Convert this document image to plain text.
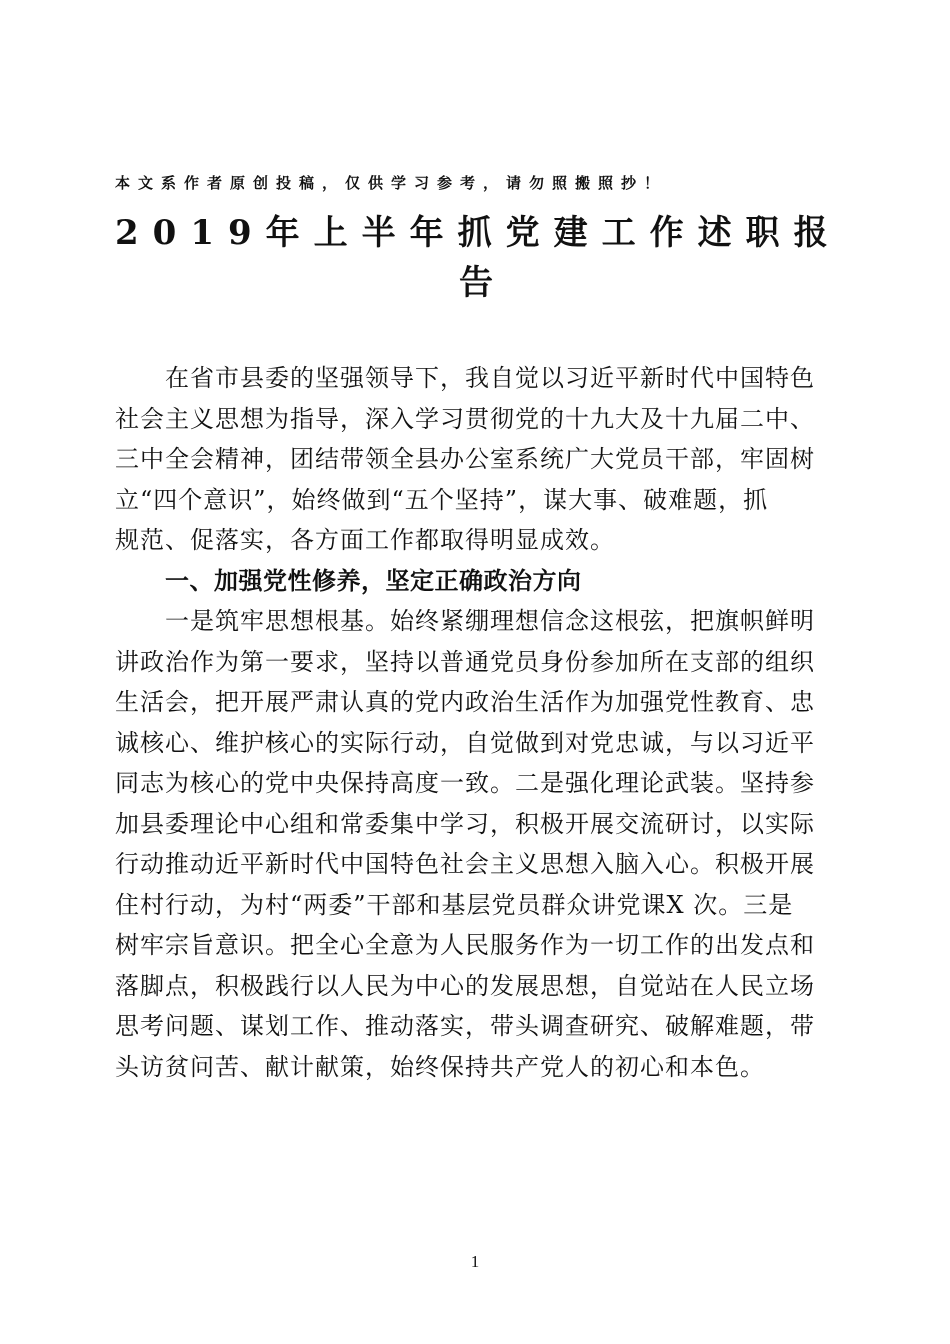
本文系作者原创投稿，仅供学习参考，请勿照搬照抄！
2019年上半年抓党建工作述职报
告
在省市县委的坚强领导下，我自觉以习近平新时代中国特色
社会主义思想为指导，深入学习贯彻党的十九大及十九届二中、
三中全会精神，团结带领全县办公室系统广大党员干部，牢固树
立“四个意识”，始终做到“五个坚持”，谋大事、破难题，抓
规范、促落实，各方面工作都取得明显成效。
一、加强党性修养，坚定正确政治方向
一是筑牢思想根基。始终紧绷理想信念这根弦，把旗帜鲜明
讲政治作为第一要求，坚持以普通党员身份参加所在支部的组织
生活会，把开展严肃认真的党内政治生活作为加强党性教育、忠
诚核心、维护核心的实际行动，自觉做到对党忠诚，与以习近平
同志为核心的党中央保持高度一致。二是强化理论武装。坚持参
加县委理论中心组和常委集中学习，积极开展交流研讨，以实际
行动推动近平新时代中国特色社会主义思想入脑入心。积极开展
住村行动，为村“两委”干部和基层党员群众讲党课X 次。三是
树牢宗旨意识。把全心全意为人民服务作为一切工作的出发点和
落脚点，积极践行以人民为中心的发展思想，自觉站在人民立场
思考问题、谋划工作、推动落实，带头调查研究、破解难题，带
头访贫问苦、献计献策，始终保持共产党人的初心和本色。
1
